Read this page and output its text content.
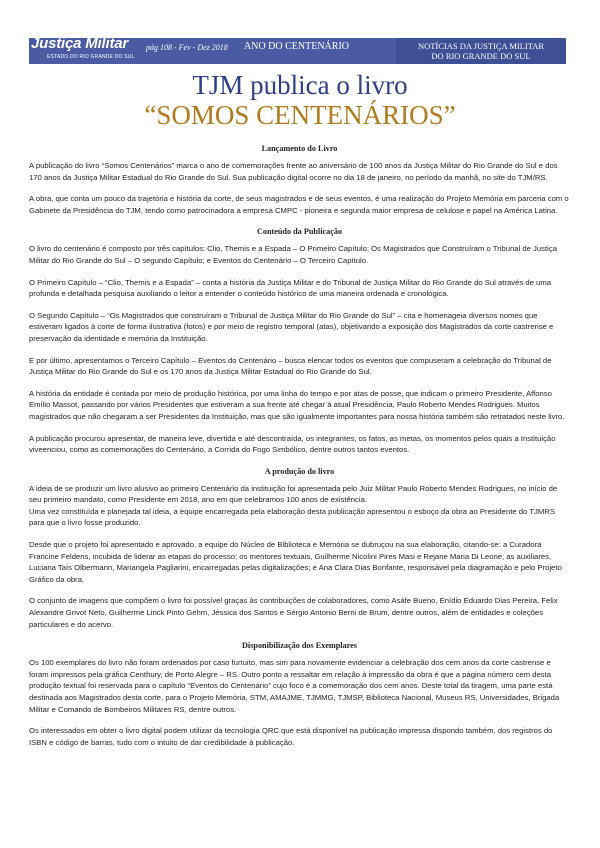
Justiça Militar
ESTADO DO RIO GRANDE DO SUL
pág 108 - Fev - Dez 2018 ANO DO CENTENÁRIO	NOTÍCIAS DA JUSTIÇA MILITAR
DO RIO GRANDE DO SUL
TJM publica o livro
“SOMOS CENTENÁRIOS”
Lançamento do Livro

A publicação do livro “Somos Centenários” marca o ano de comemorações frente ao aniversário de 100 anos da Justiça Militar do Rio Grande do Sul e dos 170 anos da Justiça Militar Estadual do Rio Grande do Sul. Sua publicação digital ocorre no dia 18 de janeiro, no período da manhã, no site do TJM/RS.

A obra, que conta um pouco da trajetória e história da corte, de seus magistrados e de seus eventos, é uma realização do Projeto Memória em parceria com o Gabinete da Presidência do TJM, tendo como patrocinadora a empresa CMPC - pioneira e segunda maior empresa de celulose e papel na América Latina.

Conteúdo da Publicação

O livro do centenário é composto por três capítulos: Clio, Themis e a Espada – O Primeiro Capítulo; Os Magistrados que Construíram o Tribunal de Justiça Militar do Rio Grande do Sul – O segundo Capítulo; e Eventos do Centenário – O Terceiro Capítulo.

O Primeiro Capítulo – “Clio, Themis e a Espada” – conta a história da Justiça Militar e do Tribunal de Justiça Militar do Rio Grande do Sul através de uma profunda e detalhada pesquisa auxiliando o leitor a entender o conteúdo histórico de uma maneira ordenada e cronológica.

O Segundo Capítulo – “Os Magistrados que construíram o Tribunal de Justiça Militar do Rio Grande do Sul” – cita e homenageia diversos nomes que estiveram ligados à corte de forma ilustrativa (fotos) e por meio de registro temporal (atas), objetivando a exposição dos Magistrados da corte castrense e preservação da identidade e memória da Instituição.

E por último, apresentamos o Terceiro Capítulo – Eventos do Centenário – busca elencar todos os eventos que compuseram a celebração do Tribunal de Justiça Militar do Rio Grande do Sul e os 170 anos da Justiça Militar Estadual do Rio Grande do Sul.

A história da entidade é contada por meio de produção histórica, por uma linha do tempo e por atas de posse, que indicam o primeiro Presidente, Affonso Emílio Massot, passando por vários Presidentes que estiveram a sua frente até chegar à atual Presidência, Paulo Roberto Mendes Rodrigues. Muitos magistrados que não chegaram a ser Presidentes da Instituição, mas que são igualmente importantes para nossa história também são retratados neste livro.

A publicação procurou apresentar, de maneira leve, divertida e até descontraída, os integrantes, os fatos, as metas, os momentos pelos quais a Instituição viveenciou, como as comemorações do Centenário, a Corrida do Fogo Simbólico, dentre outros tantos eventos.

A produção do livro

A ideia de se produzir um livro alusivo ao primeiro Centenário da instituição foi apresentada pelo Juiz Militar Paulo Roberto Mendes Rodrigues, no início de seu primeiro mandato, como Presidente em 2018, ano em que celebramos 100 anos de existência.

Uma vez constituída e planejada tal ideia, a equipe encarregada pela elaboração desta publicação apresentou o esboço da obra ao Presidente do TJMRS para que o livro fosse produzido.

Desde que o projeto foi apresentado e aprovado, a equipe do Núcleo de Biblioteca e Memória se dubruçou na sua elaboração, citando-se: a Curadora Francine Feldens, incubida de liderar as etapas do processo; os mentores textuais, Guilherme Nicolini Pires Masi e Rejane Maria Di Leone; as auxiliares, Luciana Taís Olbermann, Mariangela Pagliarini, encarregadas pelas digitalizações; e Ana Clara Dias Bonfante, responsável pela diagramação e pelo Projeto Gráfico da obra.

O conjunto de imagens que compõem o livro foi possível graças às contribuições de colaboradores, como Asáfe Bueno, Enídio Eduardo Dias Pereira, Felix Alexandre Grivot Neto, Guilherme Linck Pinto Gehm, Jéssica dos Santos e Sérgio Antonio Berni de Brum, dentre outros, além de entidades e coleções particulares e do acervo.

Disponibilização dos Exemplares

Os 100 exemplares do livro não foram ordenados por caso furtuito, mas sim para novamente evidenciar a celebração dos cem anos da corte castrense e foram impressos pela gráfica Centhury, de Porto Alegre – RS. Outro ponto a ressaltar em relação à impressão da obra é que a página número cem desta produção textual foi reservada para o capítulo “Eventos do Centenário” cujo foco é a comemoração dos cem anos. Deste total da tiragem, uma parte está destinada aos Magistrados desta corte, para o Projeto Memória, STM, AMAJME, TJMMG, TJMSP, Biblioteca Nacional, Museus RS, Universidades, Brigada Militar e Comando de Bombeiros Militares RS, dentre outros.

Os interessados em obter o livro digital podem utilizar da tecnologia QRC que está disponível na publicação impressa dispondo também, dos registros do ISBN e código de barras, tudo com o intuito de dar credibilidade à publicação.
